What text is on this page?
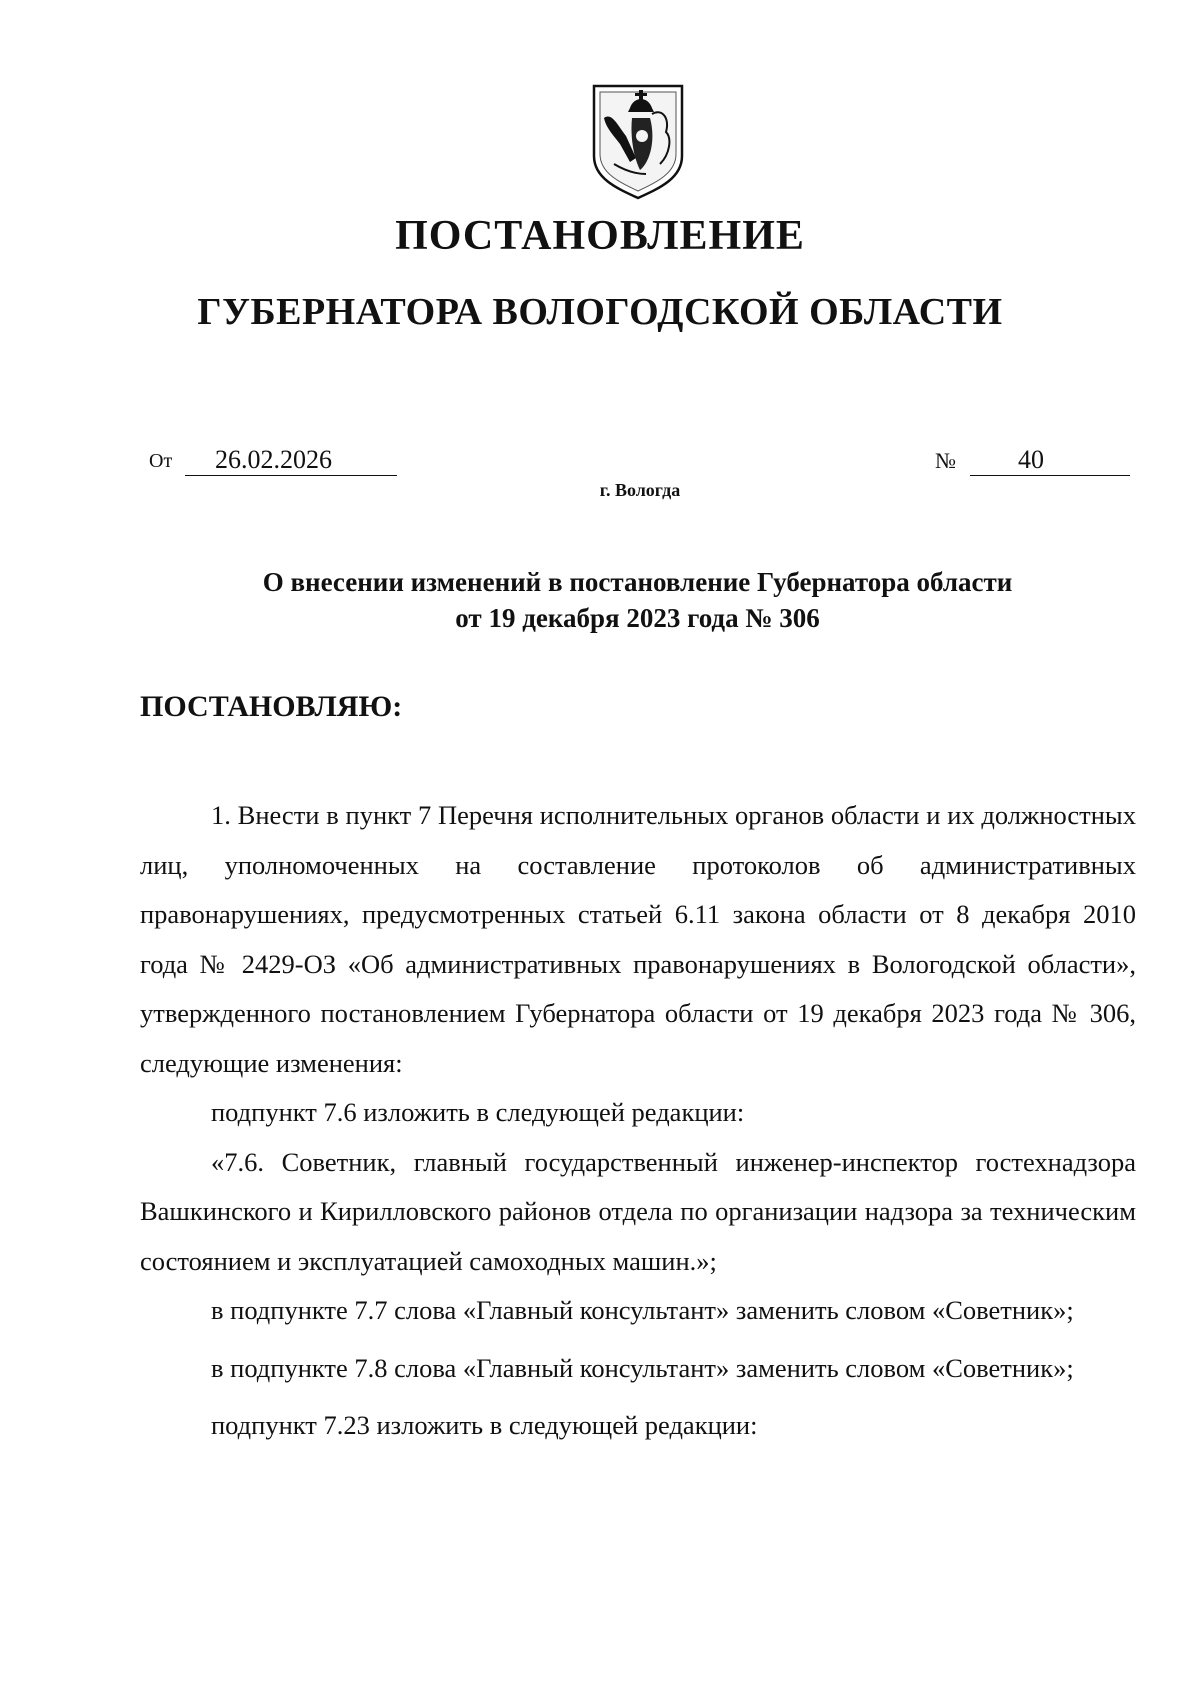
ПОСТАНОВЛЕНИЕ
ГУБЕРНАТОРА ВОЛОГОДСКОЙ ОБЛАСТИ
От	26.02.2026	№	40
г. Вологда
О внесении изменений в постановление Губернатора области
от 19 декабря 2023 года № 306
ПОСТАНОВЛЯЮ:

1. Внести в пункт 7 Перечня исполнительных органов области и их должностных лиц, уполномоченных на составление протоколов об административных правонарушениях, предусмотренных статьей 6.11 закона области от 8 декабря 2010 года № 2429-ОЗ «Об административных правонарушениях в Вологодской области», утвержденного постановлением Губернатора области от 19 декабря 2023 года № 306, следующие изменения:

подпункт 7.6 изложить в следующей редакции:

«7.6. Советник, главный государственный инженер-инспектор гостехнадзора Вашкинского и Кирилловского районов отдела по организации надзора за техническим состоянием и эксплуатацией самоходных машин.»;

в подпункте 7.7 слова «Главный консультант» заменить словом «Советник»;

в подпункте 7.8 слова «Главный консультант» заменить словом «Советник»;

подпункт 7.23 изложить в следующей редакции:
